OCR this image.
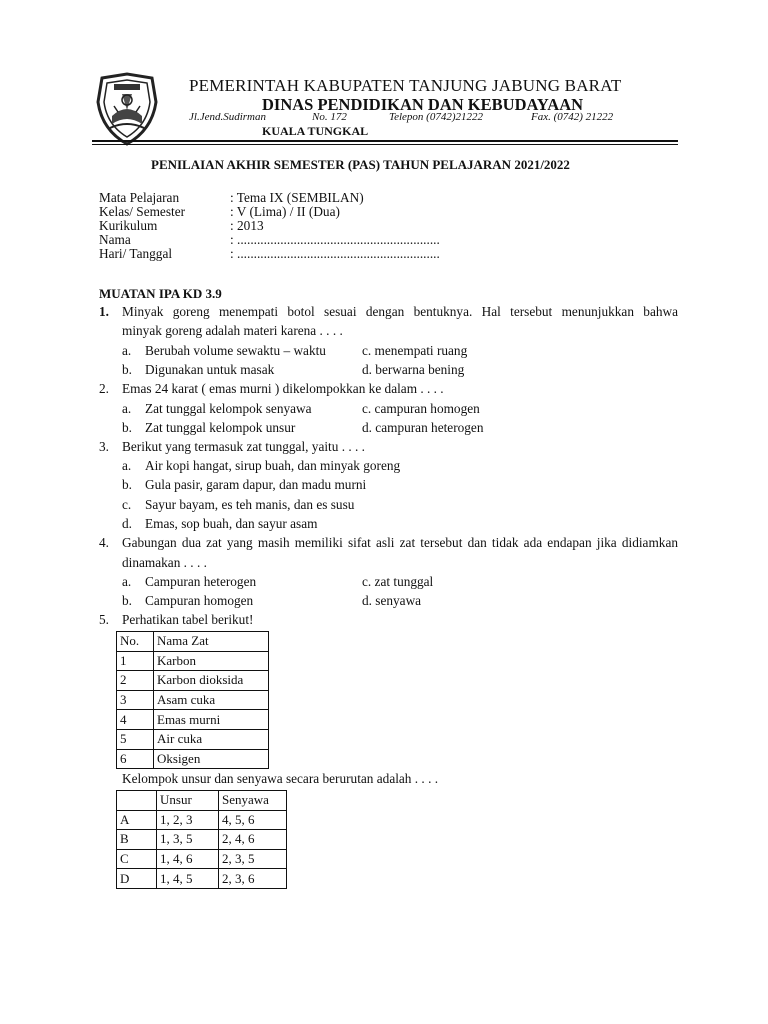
PEMERINTAH KABUPATEN TANJUNG JABUNG BARAT
DINAS PENDIDIKAN DAN KEBUDAYAAN
Jl.Jend.Sudirman	No. 172	Telepon (0742)21222	Fax. (0742) 21222
KUALA TUNGKAL
PENILAIAN AKHIR SEMESTER (PAS) TAHUN PELAJARAN 2021/2022
Mata Pelajaran	: Tema IX (SEMBILAN)
Kelas/ Semester	: V (Lima) / II (Dua)
Kurikulum	: 2013
Nama	: .............................................................
Hari/ Tanggal	: .............................................................
MUATAN IPA KD 3.9
1. Minyak goreng menempati botol sesuai dengan bentuknya. Hal tersebut menunjukkan bahwa
minyak goreng adalah materi karena . . . .
a. Berubah volume sewaktu – waktu	c. menempati ruang
b. Digunakan untuk masak	d. berwarna bening
2. Emas 24 karat ( emas murni ) dikelompokkan ke dalam . . . .
a. Zat tunggal kelompok senyawa	c. campuran homogen
b. Zat tunggal kelompok unsur	d. campuran heterogen
3. Berikut yang termasuk zat tunggal, yaitu . . . .
a. Air kopi hangat, sirup buah, dan minyak goreng
b. Gula pasir, garam dapur, dan madu murni
c. Sayur bayam, es teh manis, dan es susu
d. Emas, sop buah, dan sayur asam
4. Gabungan dua zat yang masih memiliki sifat asli zat tersebut dan tidak ada endapan jika didiamkan
dinamakan . . . .
a. Campuran heterogen	c. zat tunggal
b. Campuran homogen	d. senyawa
5. Perhatikan tabel berikut!
No.	Nama Zat
1	Karbon
2	Karbon dioksida
3	Asam cuka
4	Emas murni
5	Air cuka
6	Oksigen
Kelompok unsur dan senyawa secara berurutan adalah . . . .
	Unsur	Senyawa
A	1, 2, 3	4, 5, 6
B	1, 3, 5	2, 4, 6
C	1, 4, 6	2, 3, 5
D	1, 4, 5	2, 3, 6
